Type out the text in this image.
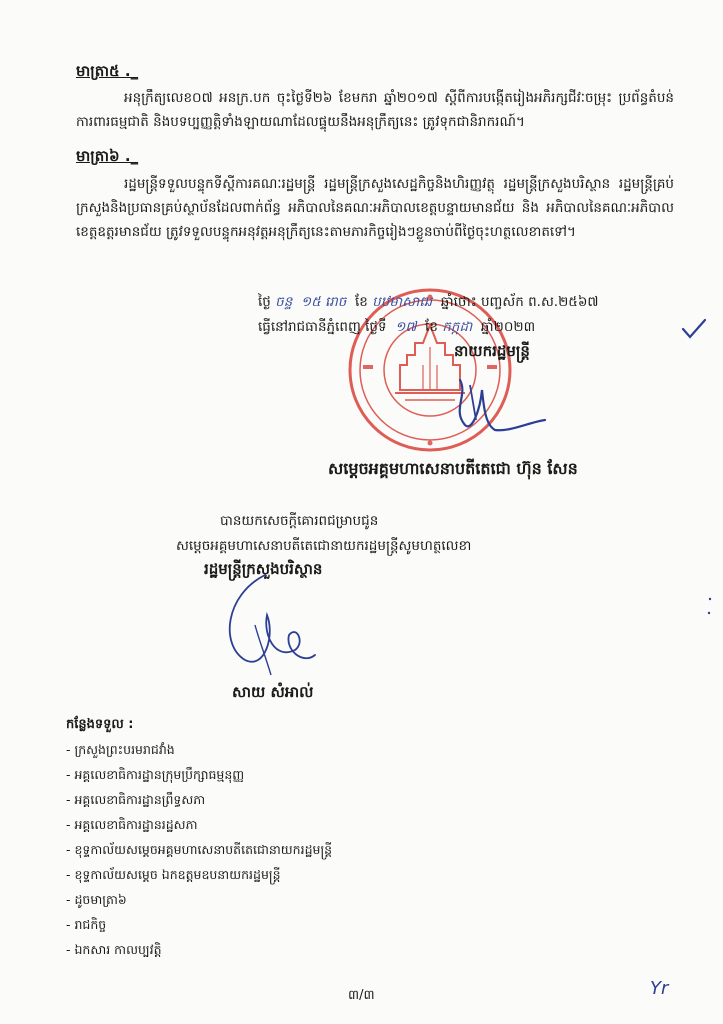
មាត្រា៥ ._
អនុក្រឹត្យលេខ០៧ អនក្រ.បក ចុះថ្ងៃទី២៦ ខែមករា ឆ្នាំ២០១៧ ស្តីពីការបង្កើតរៀងអភិរក្សជីវៈចម្រុះ ប្រព័ន្ធតំបន់ការពារធម្មជាតិ និងបទប្បញ្ញត្តិទាំងឡាយណាដែលផ្ទុយនឹងអនុក្រឹត្យនេះ ត្រូវទុកជានិរាករណ៍។
មាត្រា៦ ._
រដ្ឋមន្ត្រីទទួលបន្ទុកទីស្តីការគណៈរដ្ឋមន្ត្រី រដ្ឋមន្ត្រីក្រសួងសេដ្ឋកិច្ចនិងហិរញ្ញវត្ថុ រដ្ឋមន្ត្រីក្រសួងបរិស្ថាន រដ្ឋមន្ត្រីគ្រប់ក្រសួងនិងប្រធានគ្រប់ស្ថាប័នដែលពាក់ព័ន្ធ អភិបាលនៃគណៈអភិបាលខេត្តបន្ទាយមានជ័យ និង អភិបាលនៃគណៈអភិបាលខេត្តឧត្តរមានជ័យ ត្រូវទទួលបន្ទុកអនុវត្តអនុក្រឹត្យនេះតាមភារកិច្ចរៀងៗខ្លួនចាប់ពីថ្ងៃចុះហត្ថលេខាតទៅ។
ថ្ងៃ ចន្ទ ១៥ រោច ខែ បឋមាសាឍ ឆ្នាំថោះ បញ្ចស័ក ព.ស.២៥៦៧
ធ្វើនៅរាជធានីភ្នំពេញ ថ្ងៃទី ១៧ ខែ កក្កដា ឆ្នាំ២០២៣
នាយករដ្ឋមន្ត្រី
សម្តេចអគ្គមហាសេនាបតីតេជោ ហ៊ុន សែន
បានយកសេចក្តីគោរពជម្រាបជូន
សម្តេចអគ្គមហាសេនាបតីតេជោនាយករដ្ឋមន្ត្រីសូមហត្ថលេខា
រដ្ឋមន្ត្រីក្រសួងបរិស្ថាន
សាយ សំអាល់
កន្លែងទទួល :
- ក្រសួងព្រះបរមរាជវាំង
- អគ្គលេខាធិការដ្ឋានក្រុមប្រឹក្សាធម្មនុញ្ញ
- អគ្គលេខាធិការដ្ឋានព្រឹទ្ធសភា
- អគ្គលេខាធិការដ្ឋានរដ្ឋសភា
- ខុទ្ទកាល័យសម្តេចអគ្គមហាសេនាបតីតេជោនាយករដ្ឋមន្ត្រី
- ខុទ្ទកាល័យសម្តេច ឯកឧត្តមឧបនាយករដ្ឋមន្ត្រី
- ដូចមាត្រា៦
- រាជកិច្ច
- ឯកសារ កាលប្បវត្តិ
៣/៣	Yr
